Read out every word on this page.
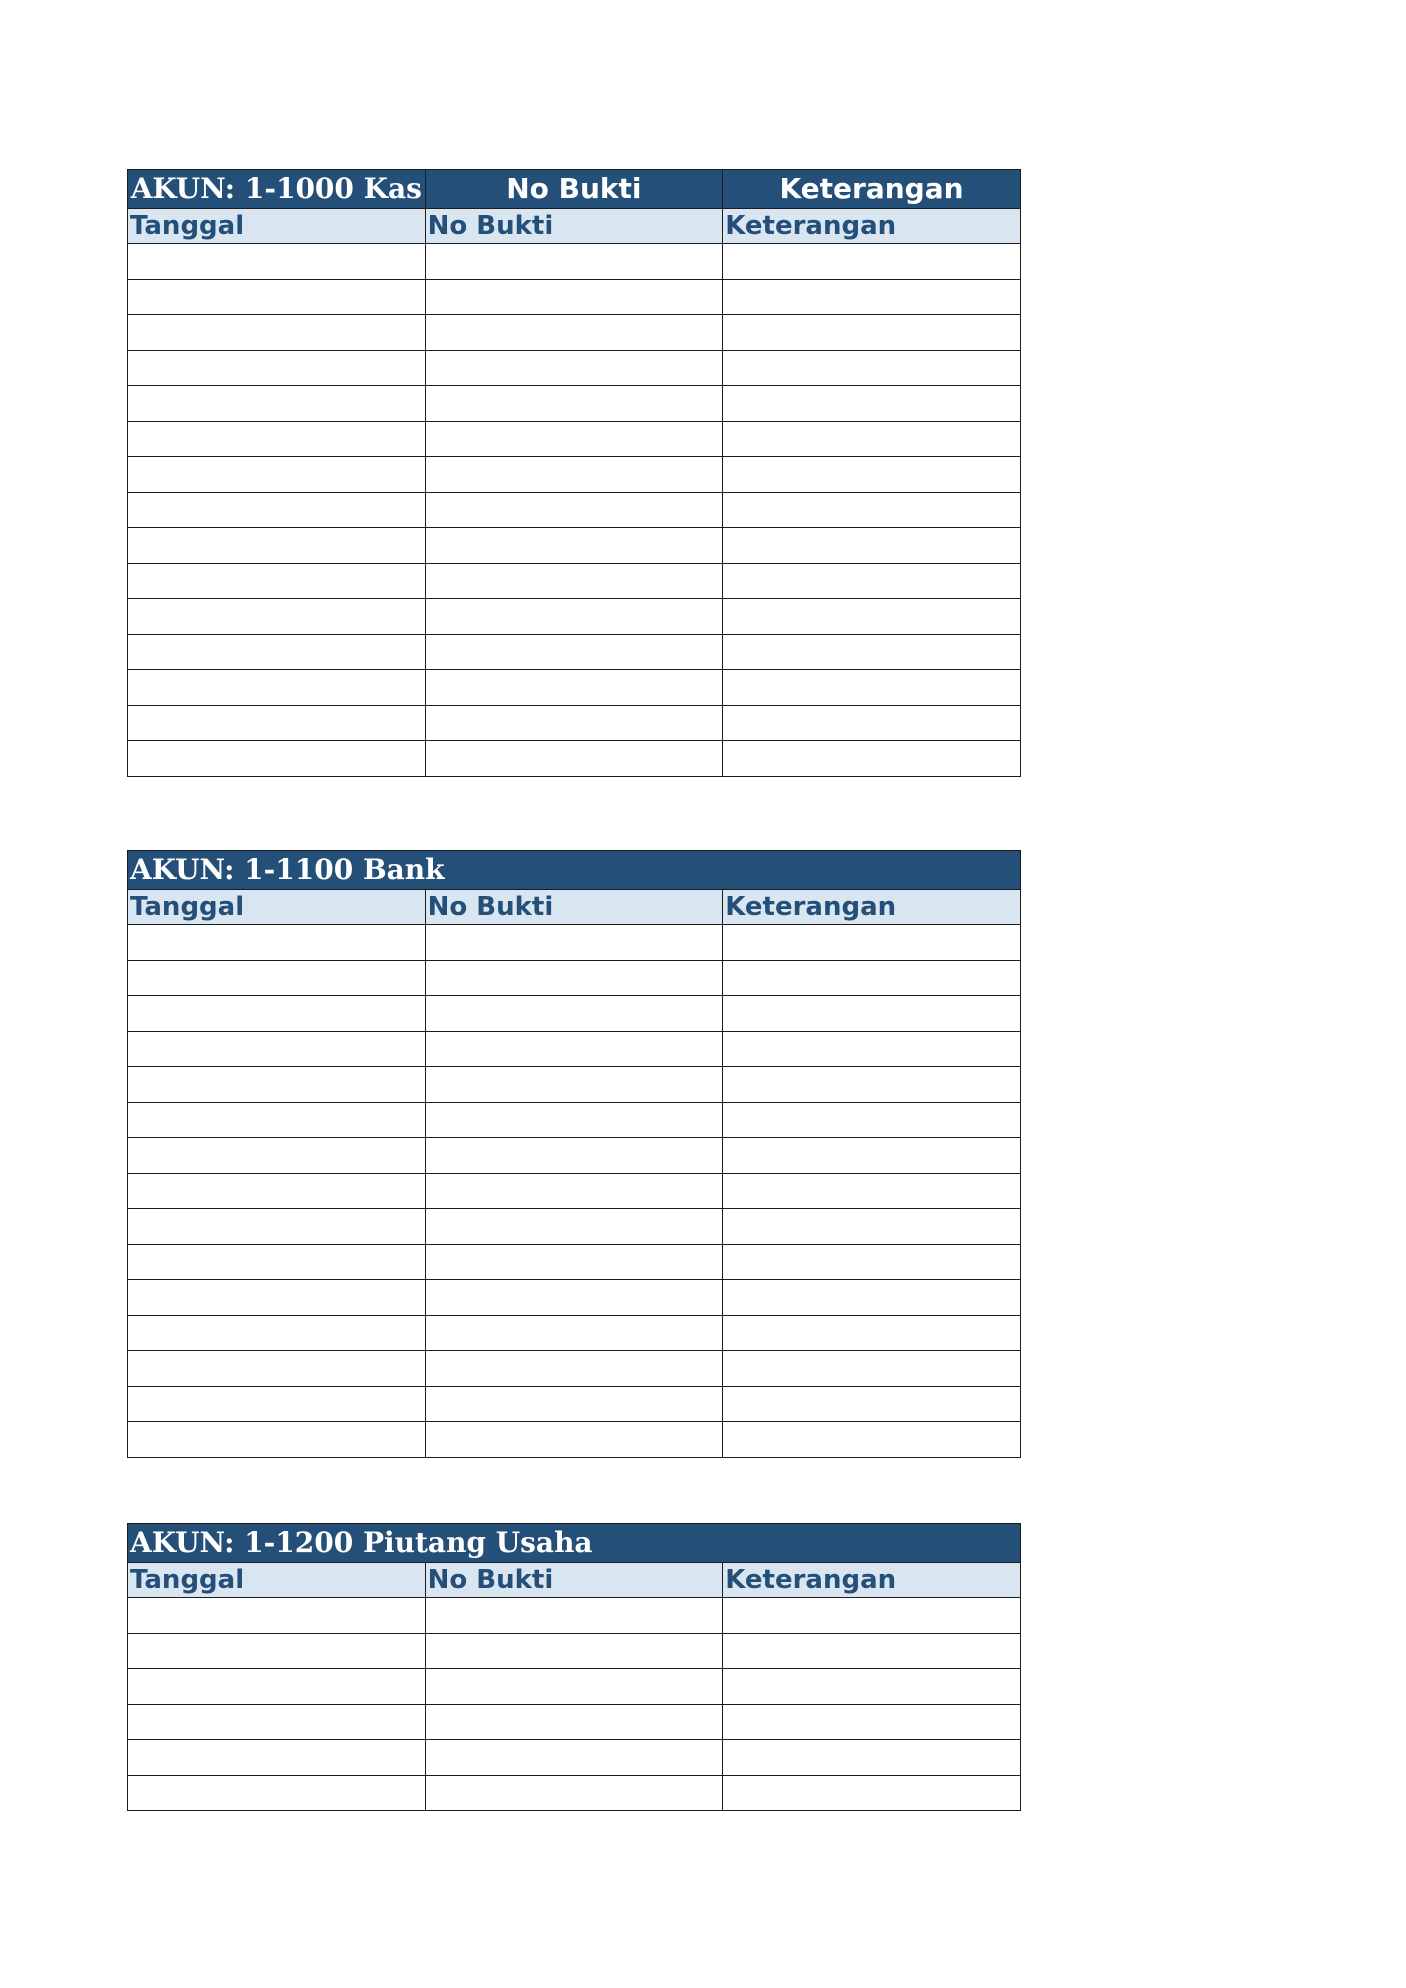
AKUN: 1-1000 Kas	No Bukti	Keterangan
Tanggal	No Bukti	Keterangan

AKUN: 1-1100 Bank		
Tanggal	No Bukti	Keterangan

AKUN: 1-1200 Piutang Usaha		
Tanggal	No Bukti	Keterangan
